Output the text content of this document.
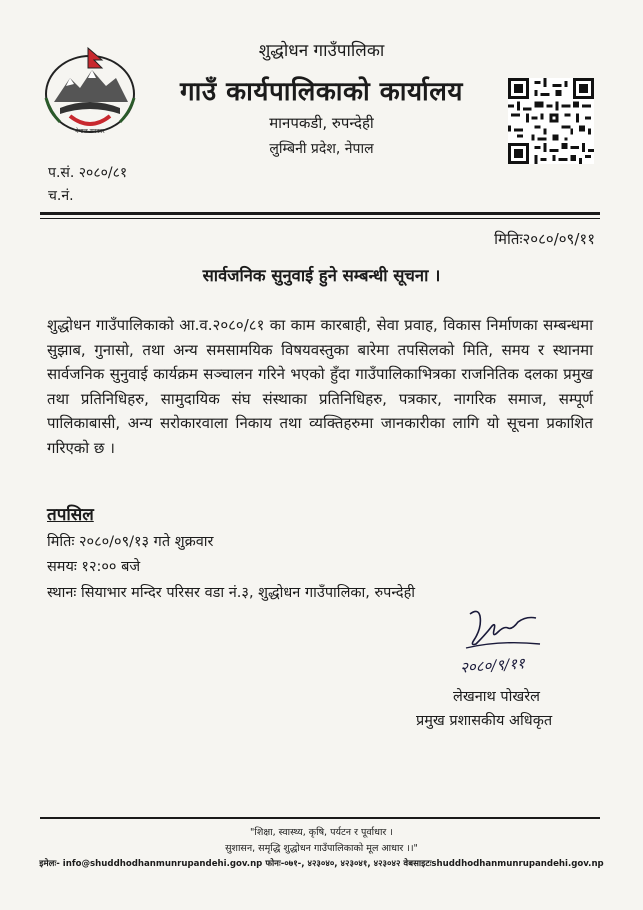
नेपाल सरकार
शुद्धोधन गाउँपालिका
गाउँ कार्यपालिकाको कार्यालय
मानपकडी, रुपन्देही
लुम्बिनी प्रदेश, नेपाल
प.सं. २०८०/८१
च.नं.
मितिः२०८०/०९/११
सार्वजनिक सुनुवाई हुने सम्बन्धी सूचना ।
शुद्धोधन गाउँपालिकाको आ.व.२०८०/८१ का काम कारबाही, सेवा प्रवाह, विकास निर्माणका सम्बन्धमा सुझाब, गुनासो, तथा अन्य समसामयिक विषयवस्तुका बारेमा तपसिलको मिति, समय र स्थानमा सार्वजनिक सुनुवाई कार्यक्रम सञ्चालन गरिने भएको हुँदा गाउँपालिकाभित्रका राजनितिक दलका प्रमुख तथा प्रतिनिधिहरु, सामुदायिक संघ संस्थाका प्रतिनिधिहरु, पत्रकार, नागरिक समाज, सम्पूर्ण पालिकाबासी, अन्य सरोकारवाला निकाय तथा व्यक्तिहरुमा जानकारीका लागि यो सूचना प्रकाशित गरिएको छ ।
तपसिल
मितिः २०८०/०९/१३ गते शुक्रवार
समयः १२:०० बजे
स्थानः सियाभार मन्दिर परिसर वडा नं.३, शुद्धोधन गाउँपालिका, रुपन्देही
२०८०/९/११
लेखनाथ पोखरेल
प्रमुख प्रशासकीय अधिकृत
"शिक्षा, स्वास्थ्य, कृषि, पर्यटन र पूर्वाधार ।
सुशासन, समृद्धि शुद्धोधन गाउँपालिकाको मूल आधार ।।"
इमेलः- info@shuddhodhanmunrupandehi.gov.np फोनः-०७१-, ४२३०४०, ४२३०४१, ४२३०४२ वेबसाइटःshuddhodhanmunrupandehi.gov.np
